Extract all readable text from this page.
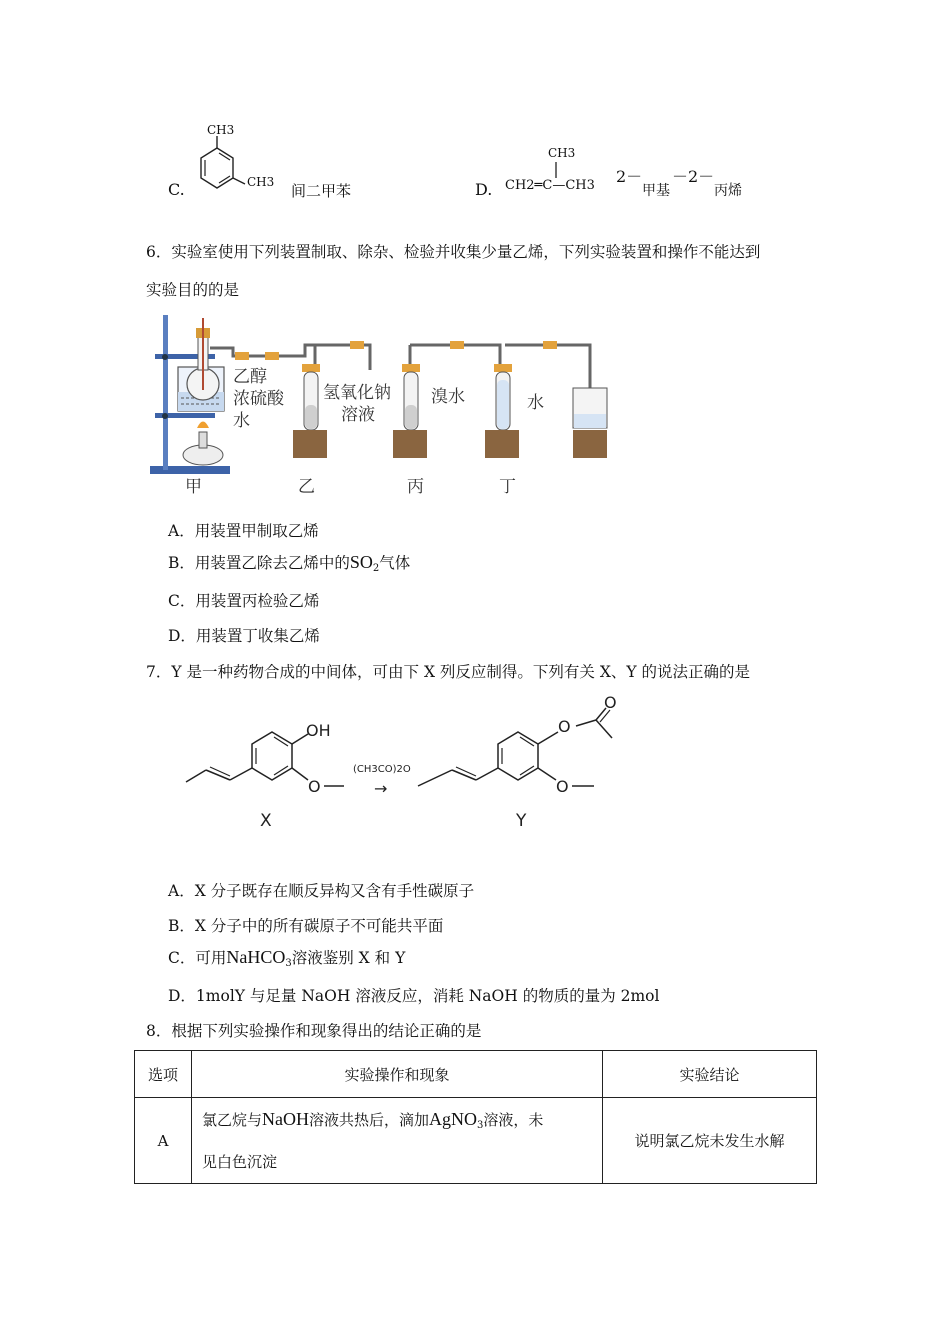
C.
CH3
CH3 间二甲苯	D.
CH3
CH2═C—CH3 2－
甲基
－2－
丙烯
6．实验室使用下列装置制取、除杂、检验并收集少量乙烯，下列实验装置和操作不能达到
实验目的的是
乙醇
浓硫酸
水
氢氧化钠
溶液
溴水	水
甲	乙	丙	丁
A．用装置甲制取乙烯
B．用装置乙除去乙烯中的$SO_2$气体
C．用装置丙检验乙烯
D．用装置丁收集乙烯
7．Y 是一种药物合成的中间体，可由下 X 列反应制得。下列有关 X、Y 的说法正确的是
OH
O
O
O
O
(CH3CO)2O
→
X	Y
A．X 分子既存在顺反异构又含有手性碳原子
B．X 分子中的所有碳原子不可能共平面
C．可用NaHCO$_3$溶液鉴别 X 和 Y
D．1molY 与足量 NaOH 溶液反应，消耗 NaOH 的物质的量为 2mol
8．根据下列实验操作和现象得出的结论正确的是
选项	实验操作和现象	实验结论
A	氯乙烷与NaOH溶液共热后，滴加AgNO$_3$溶液，未
见白色沉淀	说明氯乙烷未发生水解
